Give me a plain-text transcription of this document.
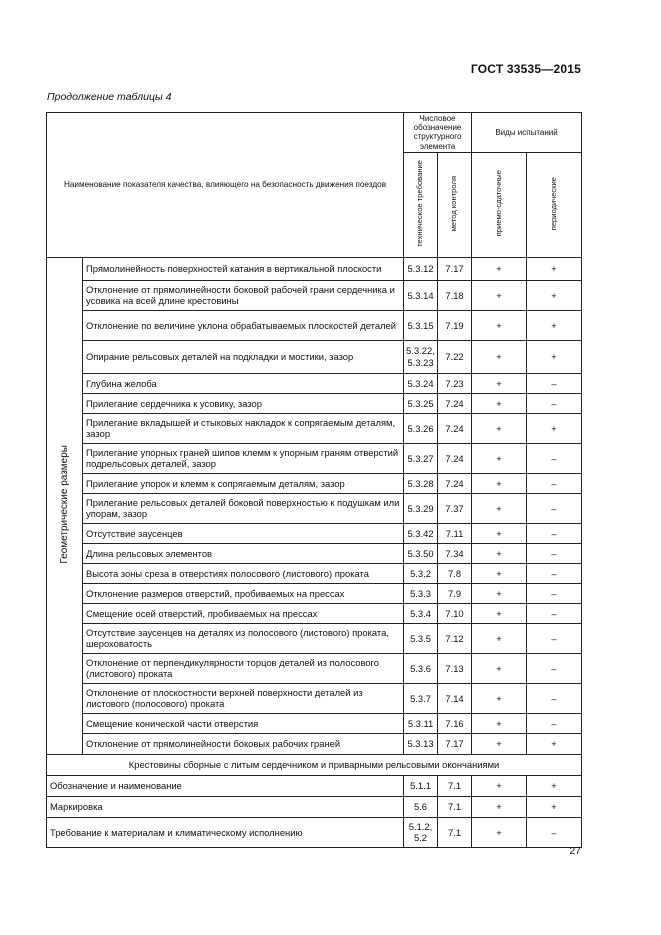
ГОСТ 33535—2015
Продолжение таблицы 4
Наименование показателя качества, влияющего на безопасность движения поездов		Числовое обозначение структурного элемента		Виды испытаний	
		техническое требование	метод контроля	приемо-сдаточные	периодические
Геометрические размеры	Прямолинейность поверхностей катания в вертикальной плоскости	5.3.12	7.17	+	+
	Отклонение от прямолинейности боковой рабочей грани сердечника и усовика на всей длине крестовины	5.3.14	7.18	+	+
	Отклонение по величине уклона обрабатываемых плоскостей деталей	5.3.15	7.19	+	+
	Опирание рельсовых деталей на подкладки и мостики, зазор	5.3.22, 5.3.23	7.22	+	+
	Глубина желоба	5.3.24	7.23	+	–
	Прилегание сердечника к усовику, зазор	5.3.25	7.24	+	–
	Прилегание вкладышей и стыковых накладок к сопрягаемым деталям, зазор	5.3.26	7.24	+	+
	Прилегание упорных граней шипов клемм к упорным граням отверстий подрельсовых деталей, зазор	5.3.27	7.24	+	–
	Прилегание упорок и клемм к сопрягаемым деталям, зазор	5.3.28	7.24	+	–
	Прилегание рельсовых деталей боковой поверхностью к подушкам или упорам, зазор	5.3.29	7.37	+	–
	Отсутствие заусенцев	5.3.42	7.11	+	–
	Длина рельсовых элементов	5.3.50	7.34	+	–
	Высота зоны среза в отверстиях полосового (листового) проката	5.3.2	7.8	+	–
	Отклонение размеров отверстий, пробиваемых на прессах	5.3.3	7.9	+	–
	Смещение осей отверстий, пробиваемых на прессах	5.3.4	7.10	+	–
	Отсутствие заусенцев на деталях из полосового (листового) проката, шероховатость	5.3.5	7.12	+	–
	Отклонение от перпендикулярности торцов деталей из полосового (листового) проката	5.3.6	7.13	+	–
	Отклонение от плоскостности верхней поверхности деталей из листового (полосового) проката	5.3.7	7.14	+	–
	Смещение конической части отверстия	5.3.11	7.16	+	–
	Отклонение от прямолинейности боковых рабочих граней	5.3.13	7.17	+	+
Крестовины сборные с литым сердечником и приварными рельсовыми окончаниями					
Обозначение и наименование		5.1.1	7.1	+	+
Маркировка		5.6	7.1	+	+
Требование к материалам и климатическому исполнению		5.1.2, 5.2	7.1	+	–
27
